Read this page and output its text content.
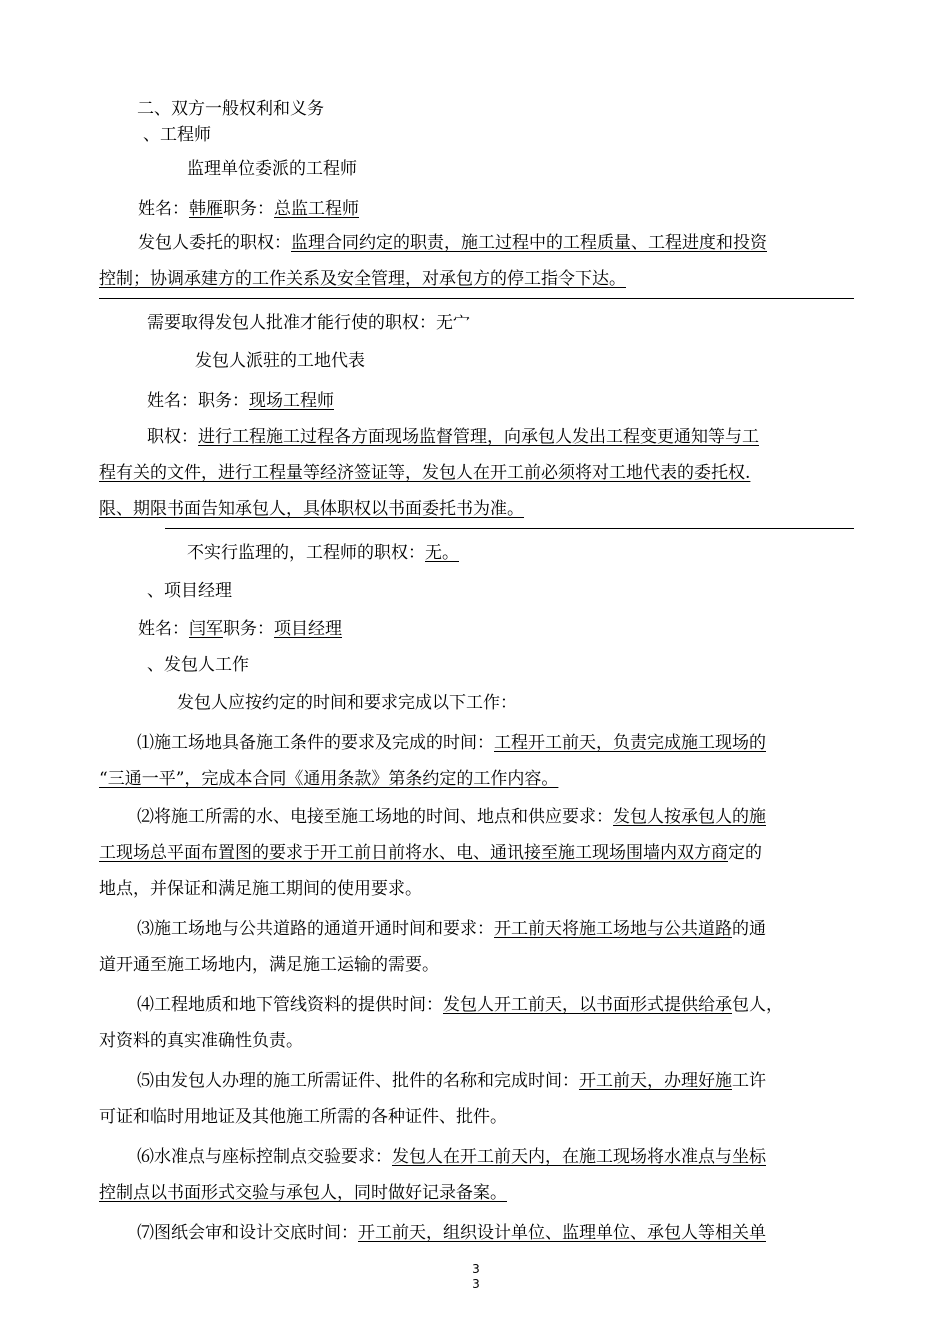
二、双方一般权利和义务
、工程师
监理单位委派的工程师
姓名：韩雁职务：总监工程师
发包人委托的职权：监理合同约定的职责，施工过程中的工程质量、工程进度和投资
控制；协调承建方的工作关系及安全管理，对承包方的停工指令下达。
需要取得发包人批准才能行使的职权：无宀
发包人派驻的工地代表
姓名：职务：现场工程师
职权：进行工程施工过程各方面现场监督管理，向承包人发出工程变更通知等与工
程有关的文件，进行工程量等经济签证等，发包人在开工前必须将对工地代表的委托权.
限、期限书面告知承包人，具体职权以书面委托书为准。
不实行监理的，工程师的职权：无。
、项目经理
姓名：闫军职务：项目经理
、发包人工作
发包人应按约定的时间和要求完成以下工作：
⑴施工场地具备施工条件的要求及完成的时间：工程开工前天，负责完成施工现场的
“三通一平”，完成本合同《通用条款》第条约定的工作内容。
⑵将施工所需的水、电接至施工场地的时间、地点和供应要求：发包人按承包人的施
工现场总平面布置图的要求于开工前日前将水、电、通讯接至施工现场围墙内双方商定的
地点，并保证和满足施工期间的使用要求。
⑶施工场地与公共道路的通道开通时间和要求：开工前天将施工场地与公共道路的通
道开通至施工场地内，满足施工运输的需要。
⑷工程地质和地下管线资料的提供时间：发包人开工前天，以书面形式提供给承包人，
对资料的真实准确性负责。
⑸由发包人办理的施工所需证件、批件的名称和完成时间：开工前天，办理好施工许
可证和临时用地证及其他施工所需的各种证件、批件。
⑹水准点与座标控制点交验要求：发包人在开工前天内，在施工现场将水准点与坐标
控制点以书面形式交验与承包人，同时做好记录备案。
⑺图纸会审和设计交底时间：开工前天，组织设计单位、监理单位、承包人等相关单
3
3
